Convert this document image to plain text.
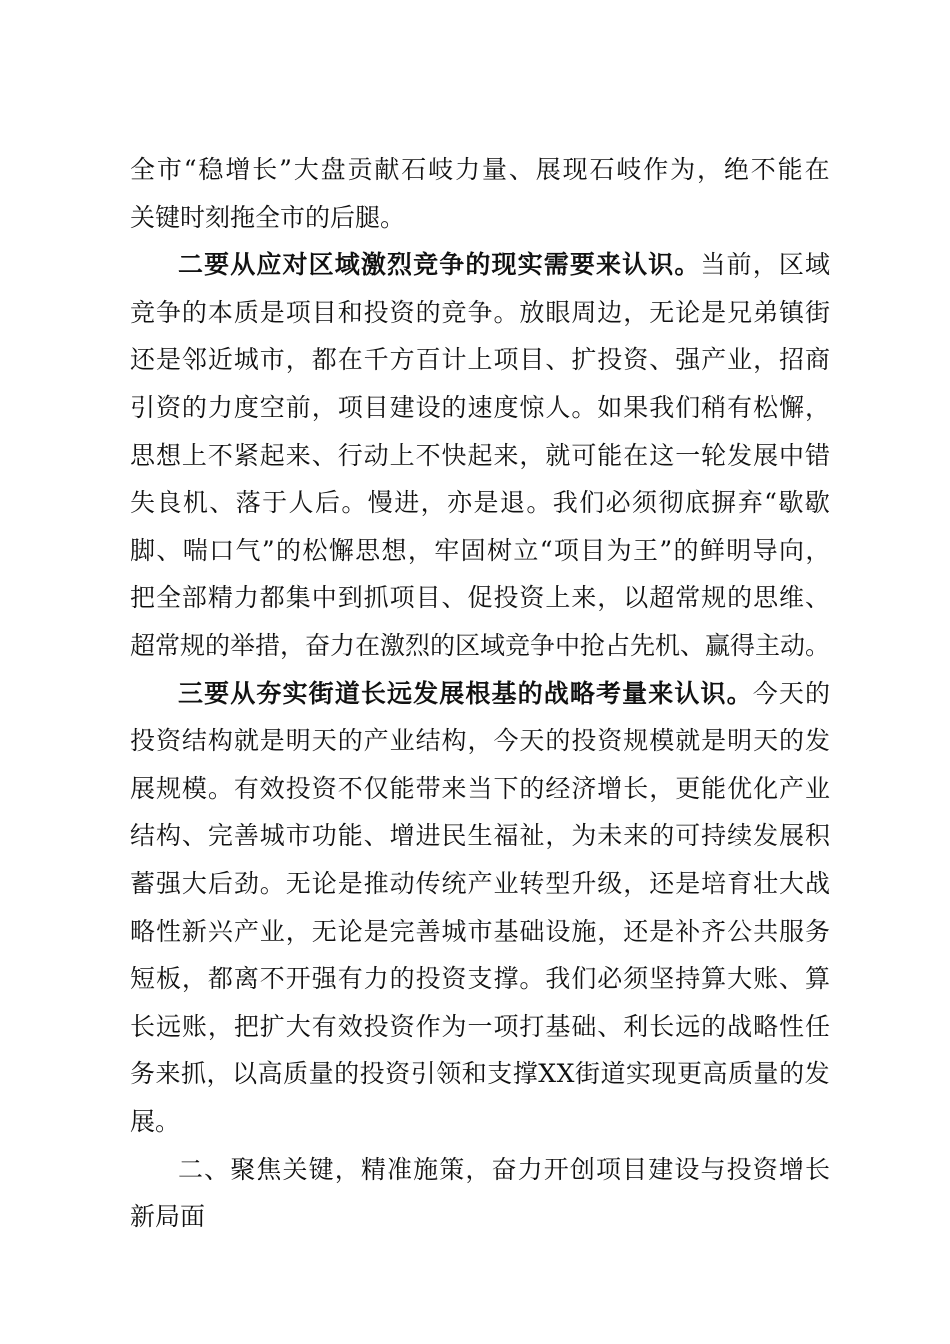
全市“稳增长”大盘贡献石岐力量、展现石岐作为，绝不能在
关键时刻拖全市的后腿。
二要从应对区域激烈竞争的现实需要来认识。当前，区域
竞争的本质是项目和投资的竞争。放眼周边，无论是兄弟镇街
还是邻近城市，都在千方百计上项目、扩投资、强产业，招商
引资的力度空前，项目建设的速度惊人。如果我们稍有松懈，
思想上不紧起来、行动上不快起来，就可能在这一轮发展中错
失良机、落于人后。慢进，亦是退。我们必须彻底摒弃“歇歇
脚、喘口气”的松懈思想，牢固树立“项目为王”的鲜明导向，
把全部精力都集中到抓项目、促投资上来，以超常规的思维、
超常规的举措，奋力在激烈的区域竞争中抢占先机、赢得主动。
三要从夯实街道长远发展根基的战略考量来认识。今天的
投资结构就是明天的产业结构，今天的投资规模就是明天的发
展规模。有效投资不仅能带来当下的经济增长，更能优化产业
结构、完善城市功能、增进民生福祉，为未来的可持续发展积
蓄强大后劲。无论是推动传统产业转型升级，还是培育壮大战
略性新兴产业，无论是完善城市基础设施，还是补齐公共服务
短板，都离不开强有力的投资支撑。我们必须坚持算大账、算
长远账，把扩大有效投资作为一项打基础、利长远的战略性任
务来抓，以高质量的投资引领和支撑XX街道实现更高质量的发
展。
二、聚焦关键，精准施策，奋力开创项目建设与投资增长
新局面
